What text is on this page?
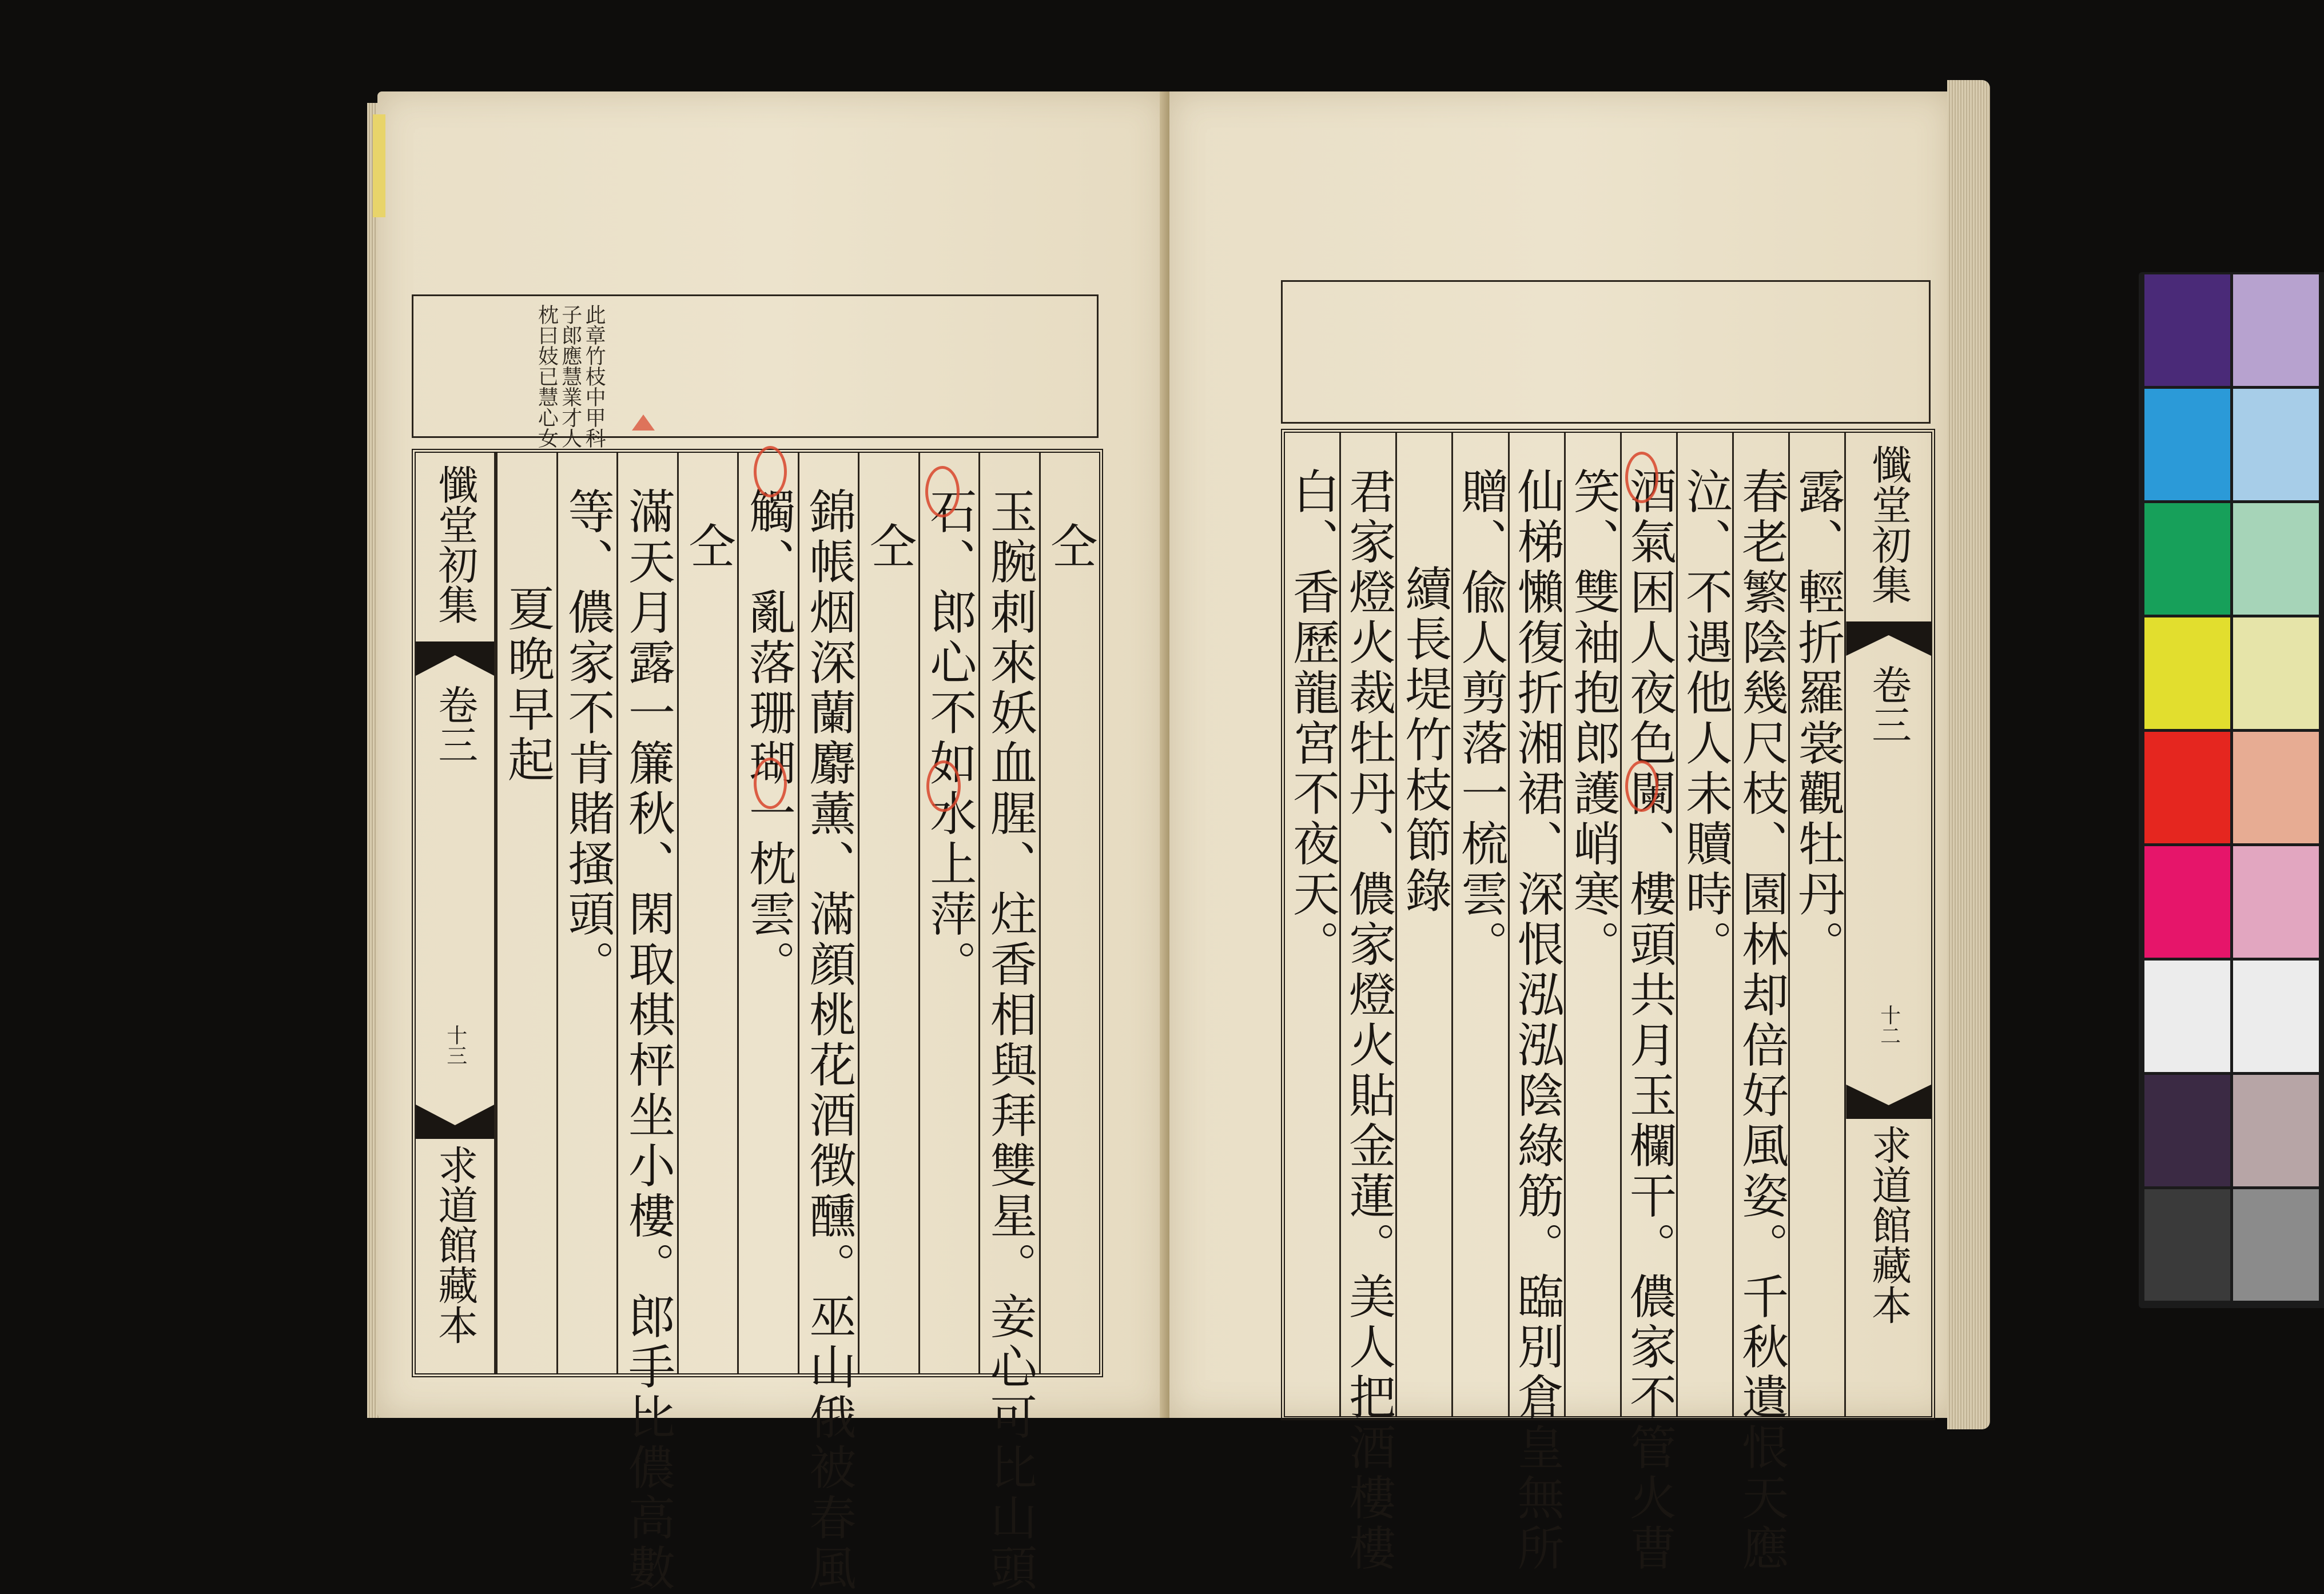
此章竹枝中甲科
子郎應慧業才人
枕曰妓已慧心女
仝
玉腕刺來妖血腥、炷香相與拜雙星。妾心可比山頭
石、郎心不如水上萍。
仝
錦帳烟深蘭麝薰、滿顔桃花酒徴醺。巫山俄被春風
觸、亂落珊瑚一枕雲。
仝
滿天月露一簾秋、閑取棋枰坐小樓。郎手比儂高數
等、儂家不肯賭搔頭。
夏晩早起
懺堂初集
卷三
十三
求道館藏本
懺堂初集
卷三
十二
求道館藏本
露、輕折羅裳觀牡丹。
春老繁陰幾尺枝、園林却倍好風姿。千秋遺恨天應
泣、不遇他人未贖時。
酒氣困人夜色闌、樓頭共月玉欄干。儂家不管火曹
笑、雙袖抱郎護峭寒。
仙梯懶復折湘裙、深恨泓泓陰綠筋。臨別倉皇無所
贈、偸人剪落一梳雲。
續長堤竹枝節錄
君家燈火裁牡丹、儂家燈火貼金蓮。美人把酒樓樓
白、香歷龍宮不夜天。
